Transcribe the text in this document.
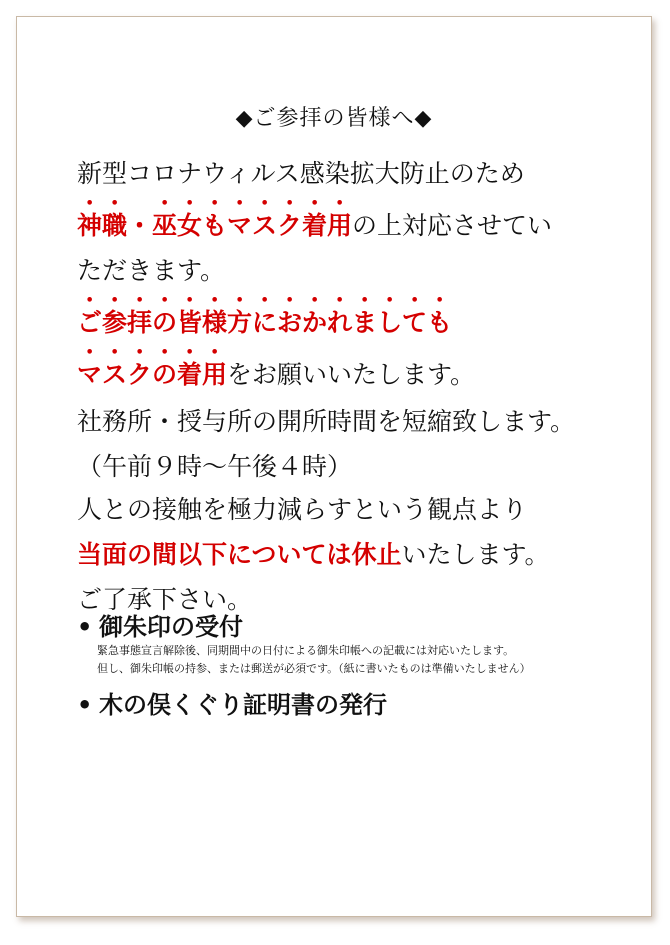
◆ご参拝の皆様へ◆
新型コロナウィルス感染拡大防止のため
神職・巫女もマスク着用の上対応させてい
ただきます。
ご参拝の皆様方におかれましても
マスクの着用をお願いいたします。
社務所・授与所の開所時間を短縮致します。
（午前９時～午後４時）
人との接触を極力減らすという観点より
当面の間以下については休止いたします。
ご了承下さい。
• 御朱印の受付
緊急事態宣言解除後、同期間中の日付による御朱印帳への記載には対応いたします。
但し、御朱印帳の持参、または郵送が必須です。（紙に書いたものは準備いたしません）
• 木の俣くぐり証明書の発行
